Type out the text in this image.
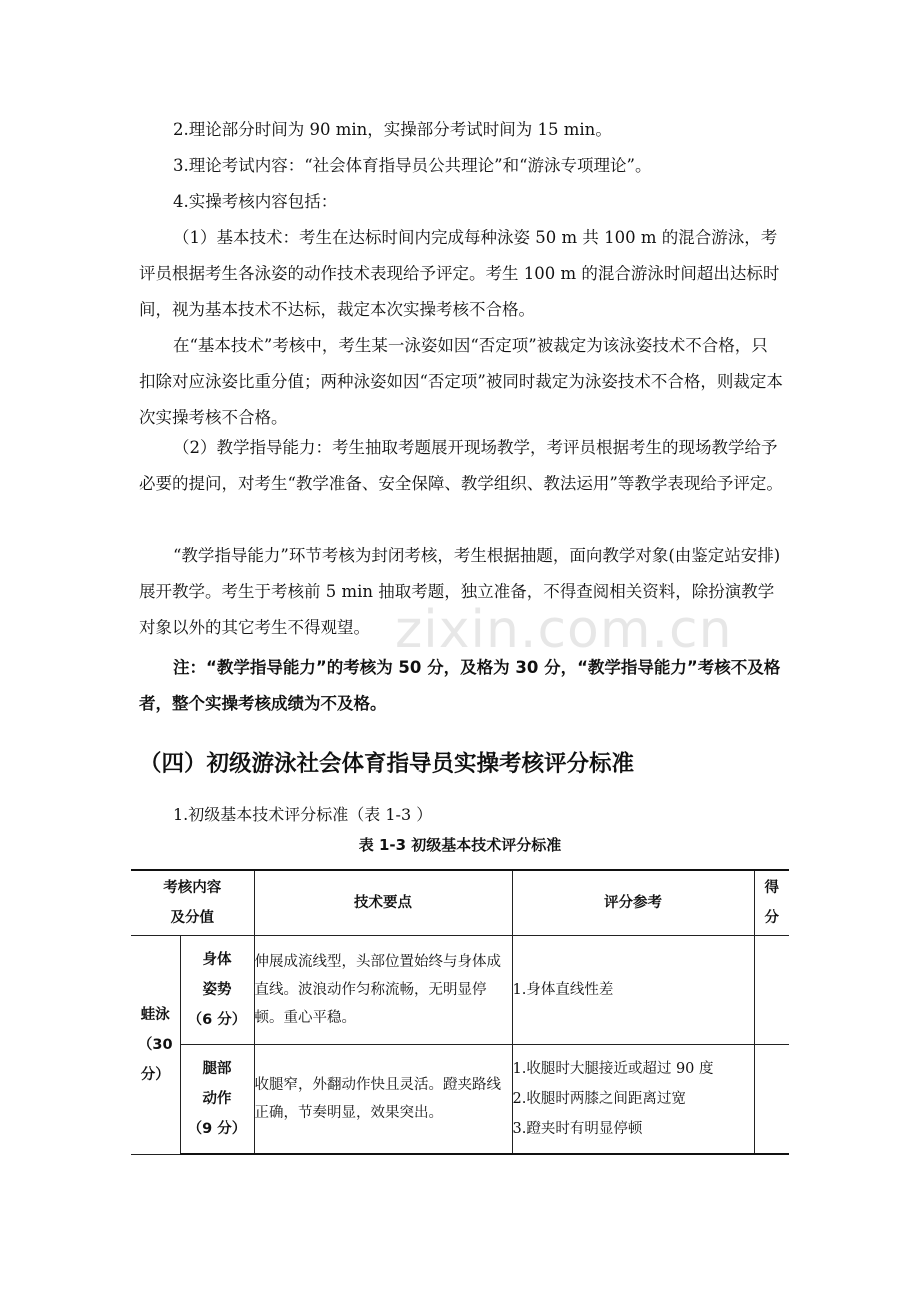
2.理论部分时间为 90 min，实操部分考试时间为 15 min。

3.理论考试内容：“社会体育指导员公共理论”和“游泳专项理论”。

4.实操考核内容包括：

（1）基本技术：考生在达标时间内完成每种泳姿 50 m 共 100 m 的混合游泳，考评员根据考生各泳姿的动作技术表现给予评定。考生 100 m 的混合游泳时间超出达标时间，视为基本技术不达标，裁定本次实操考核不合格。

在“基本技术”考核中，考生某一泳姿如因“否定项”被裁定为该泳姿技术不合格，只扣除对应泳姿比重分值；两种泳姿如因“否定项”被同时裁定为泳姿技术不合格，则裁定本次实操考核不合格。

（2）教学指导能力：考生抽取考题展开现场教学，考评员根据考生的现场教学给予必要的提问，对考生“教学准备、安全保障、教学组织、教法运用”等教学表现给予评定。

“教学指导能力”环节考核为封闭考核，考生根据抽题，面向教学对象(由鉴定站安排)展开教学。考生于考核前 5 min 抽取考题，独立准备，不得查阅相关资料，除扮演教学对象以外的其它考生不得观望。

注：“教学指导能力”的考核为 50 分，及格为 30 分，“教学指导能力”考核不及格者，整个实操考核成绩为不及格。

zixin.com.cn
（四）初级游泳社会体育指导员实操考核评分标准

1.初级基本技术评分标准（表 1-3 ）

表 1-3 初级基本技术评分标准

考核内容
及分值		技术要点	评分参考	得
分

蛙泳
（30
分）	身体
姿势
（6 分）	伸展成流线型，头部位置始终与身体成直线。波浪动作匀称流畅，无明显停顿。重心平稳。	1.身体直线性差	

	腿部
动作
（9 分）	收腿窄，外翻动作快且灵活。蹬夹路线正确，节奏明显，效果突出。	1.收腿时大腿接近或超过 90 度
2.收腿时两膝之间距离过宽
3.蹬夹时有明显停顿	
